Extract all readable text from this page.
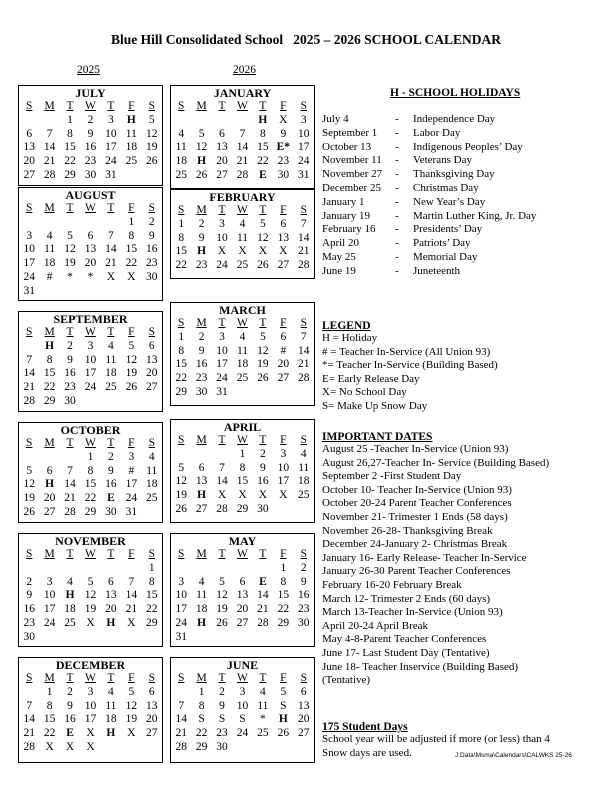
Blue Hill Consolidated School   2025 – 2026 SCHOOL CALENDAR
2025	2026
JULY
S	M	T	W	T	F	S
		1	2	3	H	5
6	7	8	9	10	11	12
13	14	15	16	17	18	19
20	21	22	23	24	25	26
27	28	29	30	31		
AUGUST
S	M	T	W	T	F	S
					1	2
3	4	5	6	7	8	9
10	11	12	13	14	15	16
17	18	19	20	21	22	23
24	#	*	*	X	X	30
31						
SEPTEMBER
S	M	T	W	T	F	S
	H	2	3	4	5	6
7	8	9	10	11	12	13
14	15	16	17	18	19	20
21	22	23	24	25	26	27
28	29	30				
OCTOBER
S	M	T	W	T	F	S
			1	2	3	4
5	6	7	8	9	#	11
12	H	14	15	16	17	18
19	20	21	22	E	24	25
26	27	28	29	30	31	
NOVEMBER
S	M	T	W	T	F	S
						1
2	3	4	5	6	7	8
9	10	H	12	13	14	15
16	17	18	19	20	21	22
23	24	25	X	H	X	29
30						
DECEMBER
S	M	T	W	T	F	S
	1	2	3	4	5	6
7	8	9	10	11	12	13
14	15	16	17	18	19	20
21	22	E	X	H	X	27
28	X	X	X			
JANUARY
S	M	T	W	T	F	S
				H	X	3
4	5	6	7	8	9	10
11	12	13	14	15	E*	17
18	H	20	21	22	23	24
25	26	27	28	E	30	31
FEBRUARY
S	M	T	W	T	F	S
1	2	3	4	5	6	7
8	9	10	11	12	13	14
15	H	X	X	X	X	21
22	23	24	25	26	27	28
MARCH
S	M	T	W	T	F	S
1	2	3	4	5	6	7
8	9	10	11	12	#	14
15	16	17	18	19	20	21
22	23	24	25	26	27	28
29	30	31				
APRIL
S	M	T	W	T	F	S
			1	2	3	4
5	6	7	8	9	10	11
12	13	14	15	16	17	18
19	H	X	X	X	X	25
26	27	28	29	30		
MAY
S	M	T	W	T	F	S
					1	2
3	4	5	6	E	8	9
10	11	12	13	14	15	16
17	18	19	20	21	22	23
24	H	26	27	28	29	30
31						
JUNE
S	M	T	W	T	F	S
	1	2	3	4	5	6
7	8	9	10	11	S	13
14	S	S	S	*	H	20
21	22	23	24	25	26	27
28	29	30				
H - SCHOOL HOLIDAYS
July 4	- Independence Day
September 1 - Labor Day
October 13 - Indigenous Peoples’ Day
November 11 - Veterans Day
November 27 - Thanksgiving Day
December 25 - Christmas Day
January 1	- New Year’s Day
January 19 - Martin Luther King, Jr. Day
February 16 - Presidents’ Day
April 20	- Patriots’ Day
May 25	- Memorial Day
June 19	- Juneteenth
LEGEND
H = Holiday
# = Teacher In-Service (All Union 93)
*= Teacher In-Service (Building Based)
E= Early Release Day
X= No School Day
S= Make Up Snow Day
IMPORTANT DATES
August 25 -Teacher In-Service (Union 93)
August 26,27-Teacher In- Service (Building Based)
September 2 -First Student Day
October 10- Teacher In-Service (Union 93)
October 20-24 Parent Teacher Conferences
November 21- Trimester 1 Ends (58 days)
November 26-28- Thanksgiving Break
December 24-January 2- Christmas Break
January 16- Early Release- Teacher In-Service
January 26-30 Parent Teacher Conferences
February 16-20 February Break
March 12- Trimester 2 Ends (60 days)
March 13-Teacher In-Service (Union 93)
April 20-24 April Break
May 4-8-Parent Teacher Conferences
June 17- Last Student Day (Tentative)
June 18- Teacher Inservice (Building Based)
(Tentative)
175 Student Days
School year will be adjusted if more (or less) than 4
Snow days are used.	J:Data\Msma\Calendars\CALWKS 25-26
